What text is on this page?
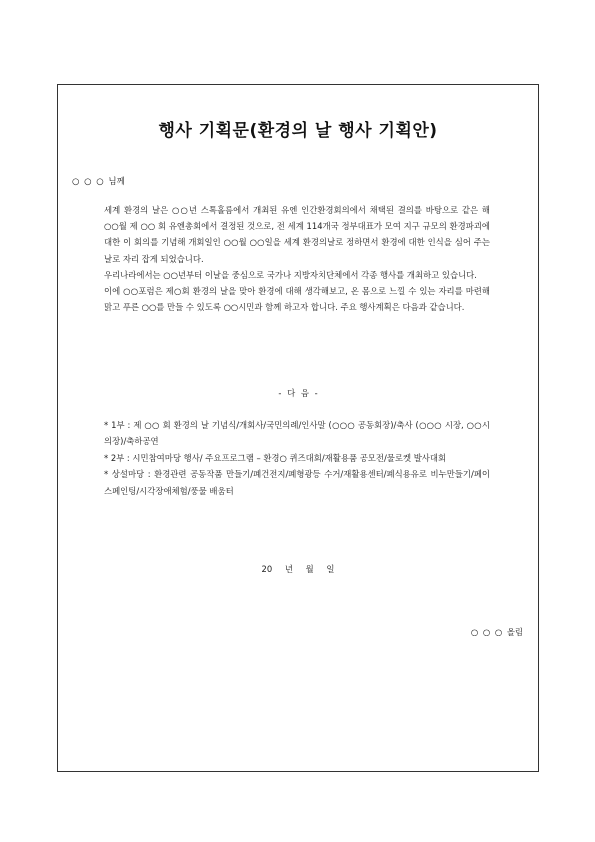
행사 기획문(환경의 날 행사 기획안)
○ ○ ○ 님께

세계 환경의 날은 ○○년 스톡홀름에서 개최된 유엔 인간환경회의에서 채택된 결의를 바탕으로 같은 해 ○○월 제 ○○ 회 유엔총회에서 결정된 것으로, 전 세계 114개국 정부대표가 모여 지구 규모의 환경파괴에 대한 이 회의를 기념해 개회일인 ○○월 ○○일을 세계 환경의날로 정하면서 환경에 대한 인식을 심어 주는 날로 자리 잡게 되었습니다.

우리나라에서는 ○○년부터 이날을 중심으로 국가나 지방자치단체에서 각종 행사를 개최하고 있습니다.

이에 ○○포럼은 제○회 환경의 날을 맞아 환경에 대해 생각해보고, 온 몸으로 느낄 수 있는 자리를 마련해 맑고 푸른 ○○를 만들 수 있도록 ○○시민과 함께 하고자 합니다. 주요 행사계획은 다음과 같습니다.

- 다 음 -

* 1부 : 제 ○○ 회 환경의 날 기념식/개회사/국민의례/인사말 (○○○ 공동회장)/축사 (○○○ 시장, ○○시의장)/축하공연

* 2부 : 시민참여마당 행사/ 주요프로그램 – 환경○ 퀴즈대회/재활용품 공모전/물로켓 발사대회

* 상설마당 : 환경관련 공동작품 만들기/폐건전지/폐형광등 수거/재활용센터/폐식용유로 비누만들기/페이스페인팅/시각장애체험/풍물 배움터

20 년 월 일
○ ○ ○ 올림
